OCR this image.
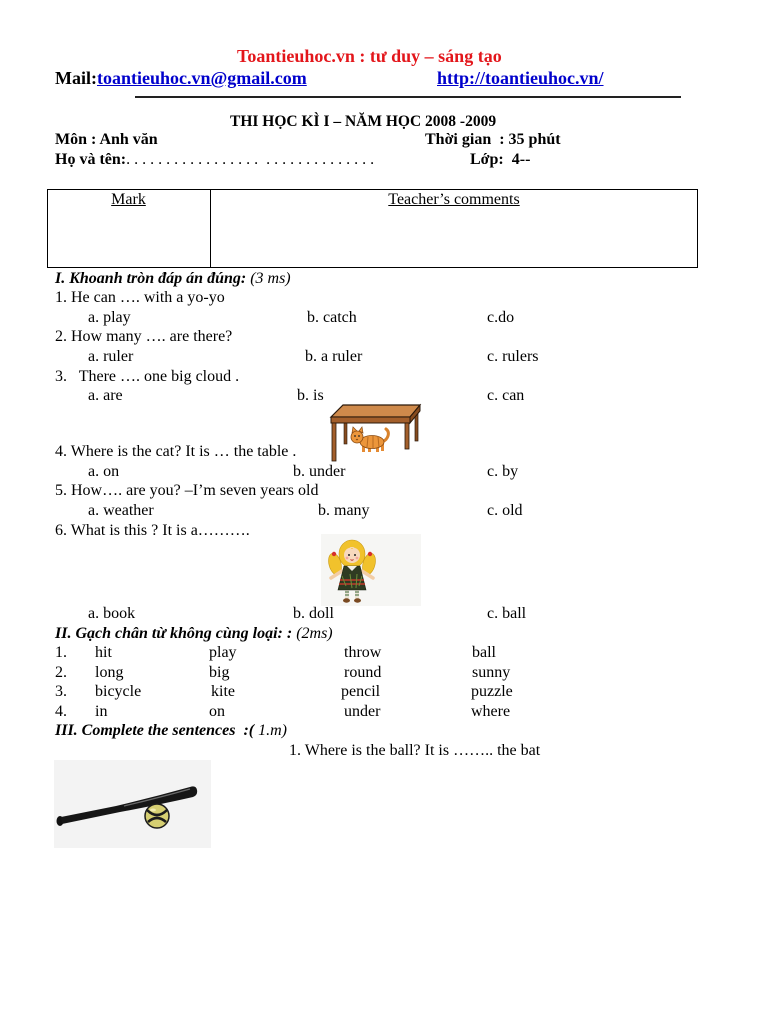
Toantieuhoc.vn : tư duy – sáng tạo
Mail:toantieuhoc.vn@gmail.com	http://toantieuhoc.vn/
THI HỌC KÌ I – NĂM HỌC 2008 -2009
Môn : Anh văn	Thời gian  : 35 phút
Họ và tên:. . . . . . . . . . . . . . . . .  . . . . . . . . . . . . . .	Lớp:  4--
Mark	Teacher’s comments
I. Khoanh tròn đáp án đúng: (3 ms)
1. He can …. with a yo-yo
a. play	b. catch	c.do
2. How many …. are there?
a. ruler	b. a ruler	c. rulers
3.   There …. one big cloud .
a. are	b. is	c. can
4. Where is the cat? It is … the table .
a. on	b. under	c. by
5. How…. are you? –I’m seven years old
a. weather	b. many	c. old
6. What is this ? It is a……….
a. book	b. doll	c. ball
II. Gạch chân từ không cùng loại: : (2ms)
1. hit	play	throw	ball
2. long	big	round	sunny
3. bicycle	kite	pencil	puzzle
4. in	on	under	where
III. Complete the sentences  :( 1.m)
1. Where is the ball? It is …….. the bat
